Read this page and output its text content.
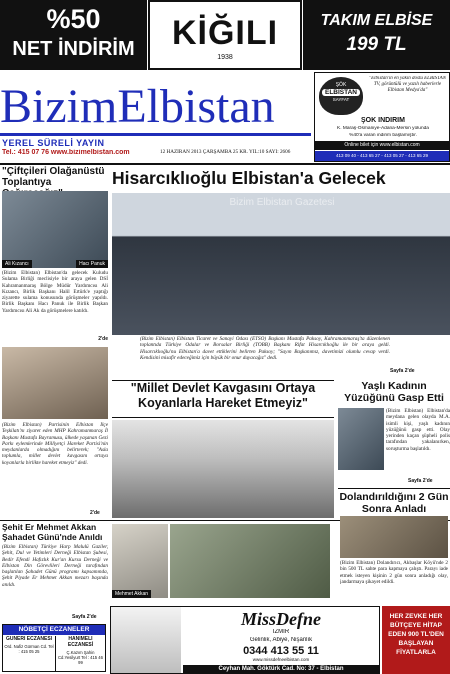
%50
NET İNDİRİM	KİĞILI
1938
TAKIM ELBİSE
199 TL
BizimElbistan
YEREL SÜRELİ YAYIN
Tel.: 415 07 76 www.bizimelbistan.com	12 HAZİRAN 2013 ÇARŞAMBA 25 KR. YIL:10 SAYI: 2606
ŞÖK
ELBİSTAN
SAYFAT
"Elbistan'ın en yakın dostu ELBİSTAN TV, görüntülü ve yazılı haberlerle Elbistan Medya'da"
ŞOK İNDİRİM
K. Maraş-Osmaniye-Adana-Mersin yolunda
%40'a varan indirim başlamıştır.
Online bilet için www.elbistan.com
413 09 40 - 413 65 27 - 413 05 27 - 413 65 29
"Çiftçileri Olağanüstü Toplantıya
Ali Kızancı	Hacı Panuk
(Bizim Elbistan) Elbistan'da gelecek Kuludu Sulama Birliği meclisiyle bir araya gelen DSİ Kahramanmaraş Bölge Müdür Yardımcısı Ali Kızancı, Birlik Başkanı Halil Ertürk'e yaptığı ziyarette sulama konusunda görüşmeler yapıldı. Birlik Başkanı Hacı Panuk ile Birlik Başkan Yardımcısı Ali Ak da görüşmelere katıldı.
2'de
(Bizim Elbistan) Partisinin Elbistan İlçe Teşkilatı'nı ziyaret eden MHP Kahramanmaraş İl Başkanı Mustafa Bayramusu, ülkede yaşanan Gezi Parkı eylemlerinde Milliyetçi Hareket Partisi'nin meydanlarda olmadığını belirterek; "Asla toplumla, millet devlet kavgasını ortaya koyanlarla birlikte hareket etmeyiz" dedi.
2'de
Şehit Er Mehmet Akkan Şahadet Günü'nde Anıldı
(Bizim Elbistan) Türkiye Harp Malulü Gaziler, Şehit, Dul ve Yetimleri Derneği Elbistan Şubesi, Bedir Efendi Hafızlık Kur'an Kursu Derneği ve Elbistan Din Görevlileri Derneği tarafından başlatılan Şahadet Günü programı kapsamında, Şehit Piyade Er Mehmet Akkan mezarı başında anıldı.
Mehmet Akkan
Sayfa 2'de
Hisarcıklıoğlu Elbistan'a Gelecek
Bizim Elbistan Gazetesi
(Bizim Elbistan) Elbistan Ticaret ve Sanayi Odası (ETSO) Başkanı Mustafa Paksoy, Kahramanmaraş'ta düzenlenen toplantıda Türkiye Odalar ve Borsalar Birliği (TOBB) Başkanı Rifat Hisarcıklıoğlu ile bir araya geldi. Hisarcıklıoğlu'nu Elbistan'a davet ettiklerini belirten Paksoy; "Sayın Başkanımız, davetimizi olumlu cevap verdi. Kendisini misafir edeceğimiz için büyük bir onur duyacağız" dedi.
Sayfa 2'de
"Millet Devlet Kavgasını Ortaya Koyanlarla Hareket Etmeyiz"
Yaşlı Kadının Yüzüğünü Gasp Etti
(Bizim Elbistan) Elbistan'da meydana gelen olayda M.A. isimli kişi, yaşlı kadının yüzüğünü gasp etti. Olay yerinden kaçan şüpheli polis tarafından yakalanırken, soruşturma başlatıldı.
Sayfa 2'de
Dolandırıldığını 2 Gün Sonra Anladı
(Bizim Elbistan) Dolandırıcı, Akbaşlar Köyü'nde 2 bin 500 TL sahte para kapmaya çalıştı. Parayı iade etmek isteyen kişinin 2 gün sonra anladığı olay, jandarmaya şikayet edildi.
NÖBETÇİ ECZANELER
GÜNERİ ECZANESİ
Ord. Nafiz Gürman Cd. Tel : 415 05 25
HANIMELİ ECZANESİ
Ç.Kazım Şahin Cd.Yesilyurt Tel : 415 46 99
MissDefne
İZMİR
Gelinlik, Abiye, Nişanlık
0344 413 55 11
www.missdefneelbistan.com
Ceyhan Mah. Göktürk Cad. No: 37 - Elbistan
HER ZEVKE HER BÜTÇEYE HİTAP EDEN 900 TL'DEN BAŞLAYAN FİYATLARLA
